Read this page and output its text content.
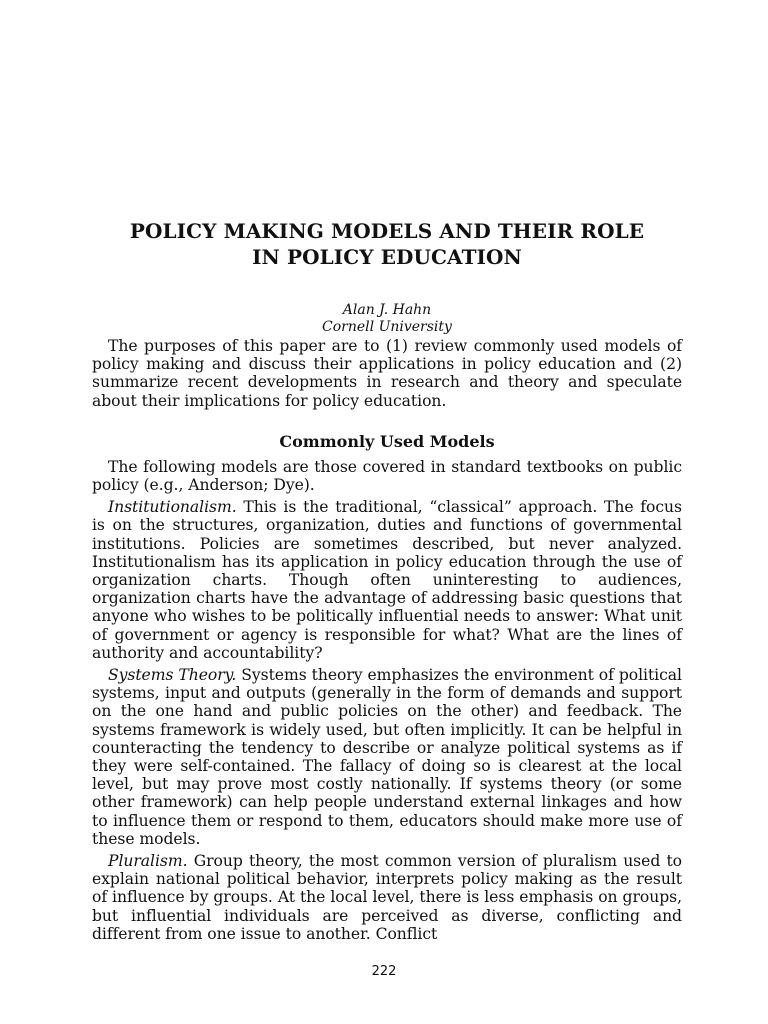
POLICY MAKING MODELS AND THEIR ROLE
IN POLICY EDUCATION
Alan J. Hahn
Cornell University

The purposes of this paper are to (1) review commonly used models of policy making and discuss their applications in policy education and (2) summarize recent developments in research and theory and speculate about their implications for policy education.

Commonly Used Models

The following models are those covered in standard textbooks on public policy (e.g., Anderson; Dye).

Institutionalism. This is the traditional, “classical” approach. The focus is on the structures, organization, duties and functions of governmental institutions. Policies are sometimes described, but never analyzed. Institutionalism has its application in policy education through the use of organization charts. Though often uninteresting to audiences, organization charts have the advantage of addressing basic questions that anyone who wishes to be politically influential needs to answer: What unit of government or agency is responsible for what? What are the lines of authority and accountability?

Systems Theory. Systems theory emphasizes the environment of political systems, input and outputs (generally in the form of demands and support on the one hand and public policies on the other) and feedback. The systems framework is widely used, but often implicitly. It can be helpful in counteracting the tendency to describe or analyze political systems as if they were self-contained. The fallacy of doing so is clearest at the local level, but may prove most costly nationally. If systems theory (or some other framework) can help people understand external linkages and how to influence them or respond to them, educators should make more use of these models.

Pluralism. Group theory, the most common version of pluralism used to explain national political behavior, interprets policy making as the result of influence by groups. At the local level, there is less emphasis on groups, but influential individuals are perceived as diverse, conflicting and different from one issue to another. Conflict

222
